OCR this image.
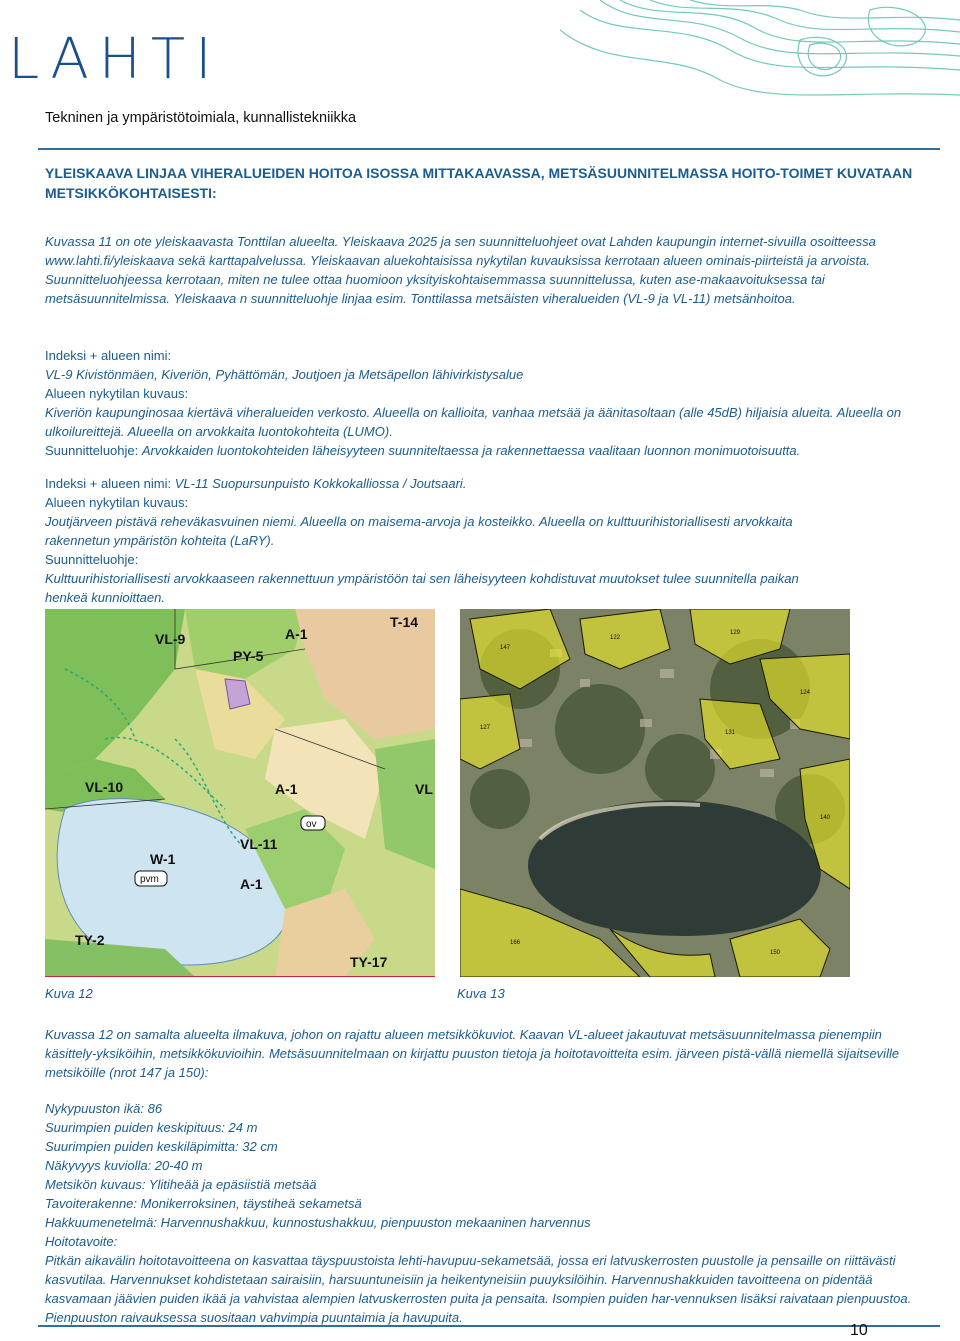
LAHTI
Tekninen ja ympäristötoimiala, kunnallistekniikka
YLEISKAAVA LINJAA VIHERALUEIDEN HOITOA ISOSSA MITTAKAAVASSA, METSÄSUUNNITELMASSA HOITO-TOIMET KUVATAAN METSIKKÖKOHTAISESTI:

Kuvassa 11 on ote yleiskaavasta Tonttilan alueelta. Yleiskaava 2025 ja sen suunnitteluohjeet ovat Lahden kaupungin internet-sivuilla osoitteessa www.lahti.fi/yleiskaava sekä karttapalvelussa. Yleiskaavan aluekohtaisissa nykytilan kuvauksissa kerrotaan alueen ominais-piirteistä ja arvoista. Suunnitteluohjeessa kerrotaan, miten ne tulee ottaa huomioon yksityiskohtaisemmassa suunnittelussa, kuten ase-makaavoituksessa tai metsäsuunnitelmissa. Yleiskaava n suunnitteluohje linjaa esim. Tonttilassa metsäisten viheralueiden (VL-9 ja VL-11) metsänhoitoa.

Indeksi + alueen nimi:
VL-9 Kivistönmäen, Kiveriön, Pyhättömän, Joutjoen ja Metsäpellon lähivirkistysalue
Alueen nykytilan kuvaus:
Kiveriön kaupunginosaa kiertävä viheralueiden verkosto. Alueella on kallioita, vanhaa metsää ja äänitasoltaan (alle 45dB) hiljaisia alueita. Alueella on ulkoilureittejä. Alueella on arvokkaita luontokohteita (LUMO).
Suunnitteluohje: Arvokkaiden luontokohteiden läheisyyteen suunniteltaessa ja rakennettaessa vaalitaan luonnon monimuotoisuutta.
Indeksi + alueen nimi: VL-11 Suopursunpuisto Kokkokalliossa / Joutsaari.
Alueen nykytilan kuvaus:
Joutjärveen pistävä reheväkasvuinen niemi. Alueella on maisema-arvoja ja kosteikko. Alueella on kulttuurihistoriallisesti arvokkaita rakennetun ympäristön kohteita (LaRY).
Suunnitteluohje:
Kulttuurihistoriallisesti arvokkaaseen rakennettuun ympäristöön tai sen läheisyyteen kohdistuvat muutokset tulee suunnitella paikan henkeä kunnioittaen.
VL-9	A-1
T-14
PY-5
VL-10	A-1	VL
W-1
VL-11
A-1
TY-2
TY-17
ov
pvm
147
122
129
124
127
131
140
166
150
Kuva 12	Kuva 13

Kuvassa 12 on samalta alueelta ilmakuva, johon on rajattu alueen metsikkökuviot. Kaavan VL-alueet jakautuvat metsäsuunnitelmassa pienempiin käsittely-yksiköihin, metsikkökuvioihin. Metsäsuunnitelmaan on kirjattu puuston tietoja ja hoitotavoitteita esim. järveen pistä-vällä niemellä sijaitseville metsiköille (nrot 147 ja 150):

Nykypuuston ikä: 86
Suurimpien puiden keskipituus: 24 m
Suurimpien puiden keskiläpimitta: 32 cm
Näkyvyys kuviolla: 20-40 m
Metsikön kuvaus: Ylitiheää ja epäsiistiä metsää
Tavoiterakenne: Monikerroksinen, täystiheä sekametsä
Hakkuumenetelmä: Harvennushakkuu, kunnostushakkuu, pienpuuston mekaaninen harvennus
Hoitotavoite:
Pitkän aikavälin hoitotavoitteena on kasvattaa täyspuustoista lehti-havupuu-sekametsää, jossa eri latvuskerrosten puustolle ja pensaille on riittävästi kasvutilaa. Harvennukset kohdistetaan sairaisiin, harsuuntuneisiin ja heikentyneisiin puuyksilöihin. Harvennushakkuiden tavoitteena on pidentää kasvamaan jäävien puiden ikää ja vahvistaa alempien latvuskerrosten puita ja pensaita. Isompien puiden har-vennuksen lisäksi raivataan pienpuustoa. Pienpuuston raivauksessa suositaan vahvimpia puuntaimia ja havupuita.
10
